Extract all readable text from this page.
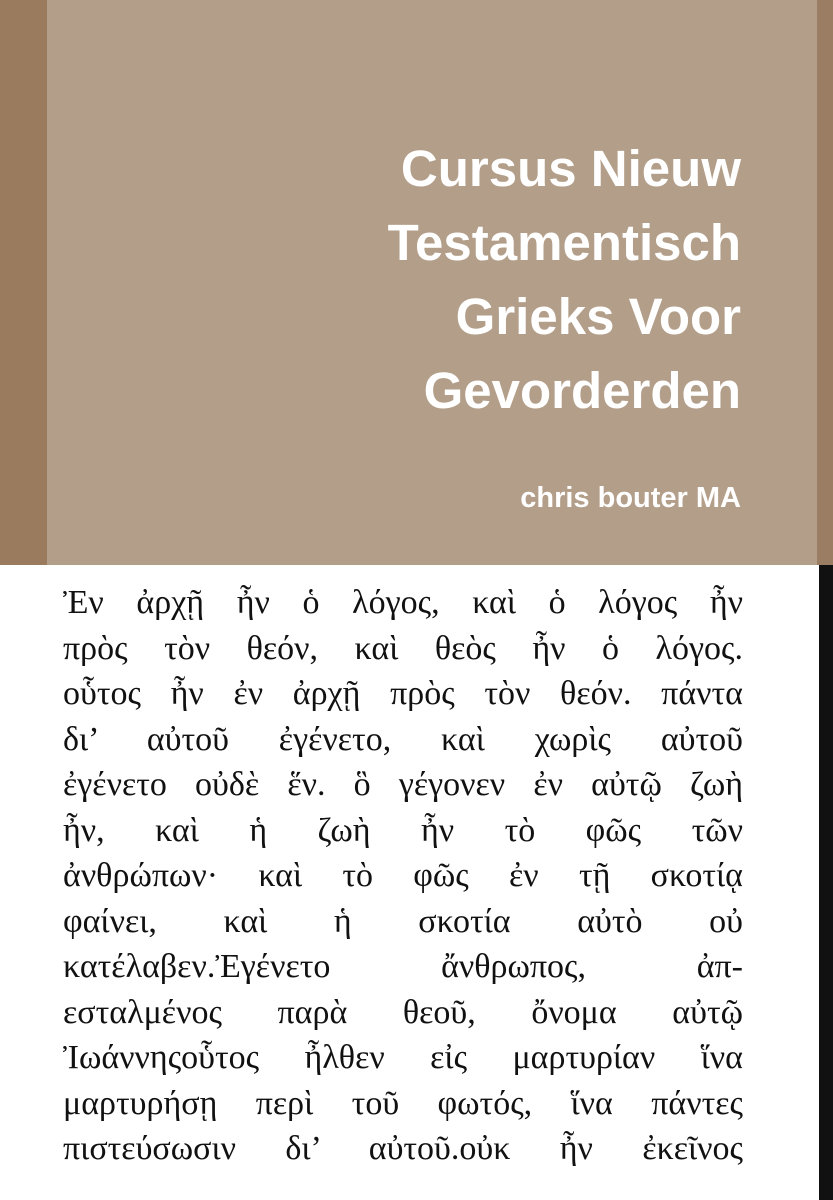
Cursus Nieuw
Testamentisch
Grieks Voor
Gevorderden

chris bouter MA

Ἐν ἀρχῇ ἦν ὁ λόγος, καὶ ὁ λόγος ἦν
πρὸς τὸν θεόν, καὶ θεὸς ἦν ὁ λόγος.
οὗτος ἦν ἐν ἀρχῇ πρὸς τὸν θεόν. πάντα
δι’ αὐτοῦ ἐγένετο, καὶ χωρὶς αὐτοῦ
ἐγένετο οὐδὲ ἕν. ὃ γέγονεν ἐν αὐτῷ ζωὴ
ἦν, καὶ ἡ ζωὴ ἦν τὸ φῶς τῶν
ἀνθρώπων· καὶ τὸ φῶς ἐν τῇ σκοτίᾳ
φαίνει, καὶ ἡ σκοτία αὐτὸ οὐ
κατέλαβεν.Ἐγένετο ἄνθρωπος, ἀπ-
εσταλμένος παρὰ θεοῦ, ὄνομα αὐτῷ
Ἰωάννηςοὗτος ἦλθεν εἰς μαρτυρίαν ἵνα
μαρτυρήσῃ περὶ τοῦ φωτός, ἵνα πάντες
πιστεύσωσιν δι’ αὐτοῦ.οὐκ ἦν ἐκεῖνος
